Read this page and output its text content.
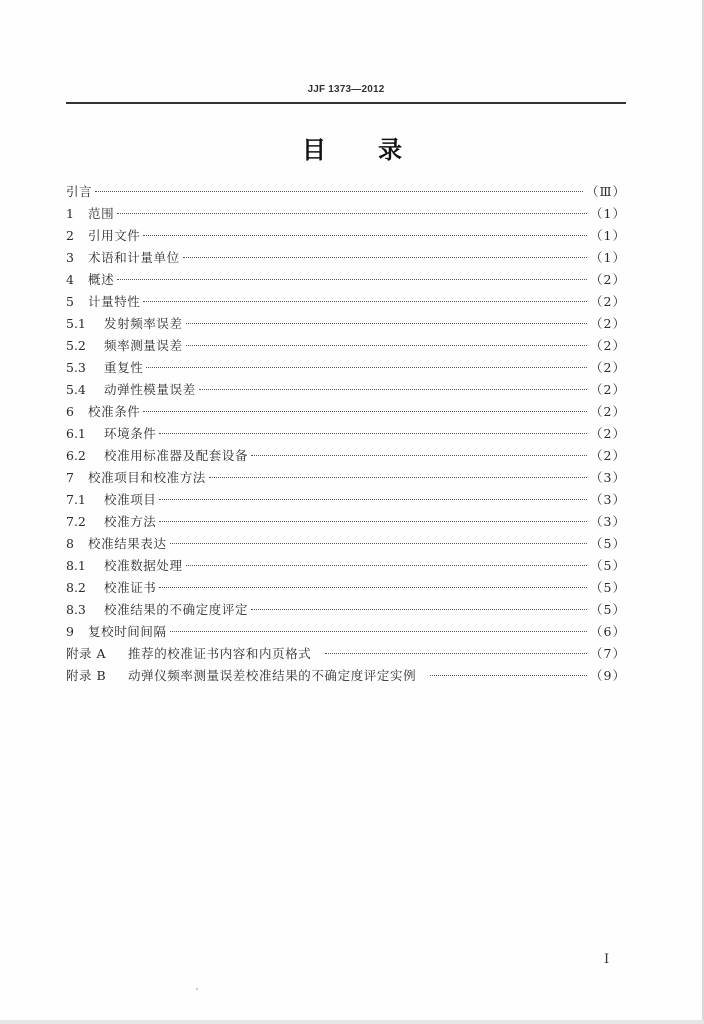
JJF 1373—2012
目 录
引言	（Ⅲ）
1	范围	（1）
2	引用文件	（1）
3	术语和计量单位	（1）
4	概述	（2）
5	计量特性	（2）
5.1	发射频率误差	（2）
5.2	频率测量误差	（2）
5.3	重复性	（2）
5.4	动弹性模量误差	（2）
6	校准条件	（2）
6.1	环境条件	（2）
6.2	校准用标准器及配套设备	（2）
7	校准项目和校准方法	（3）
7.1	校准项目	（3）
7.2	校准方法	（3）
8	校准结果表达	（5）
8.1	校准数据处理	（5）
8.2	校准证书	（5）
8.3	校准结果的不确定度评定	（5）
9	复校时间间隔	（6）
附录 A	推荐的校准证书内容和内页格式	（7）
附录 B	动弹仪频率测量误差校准结果的不确定度评定实例	（9）
I
